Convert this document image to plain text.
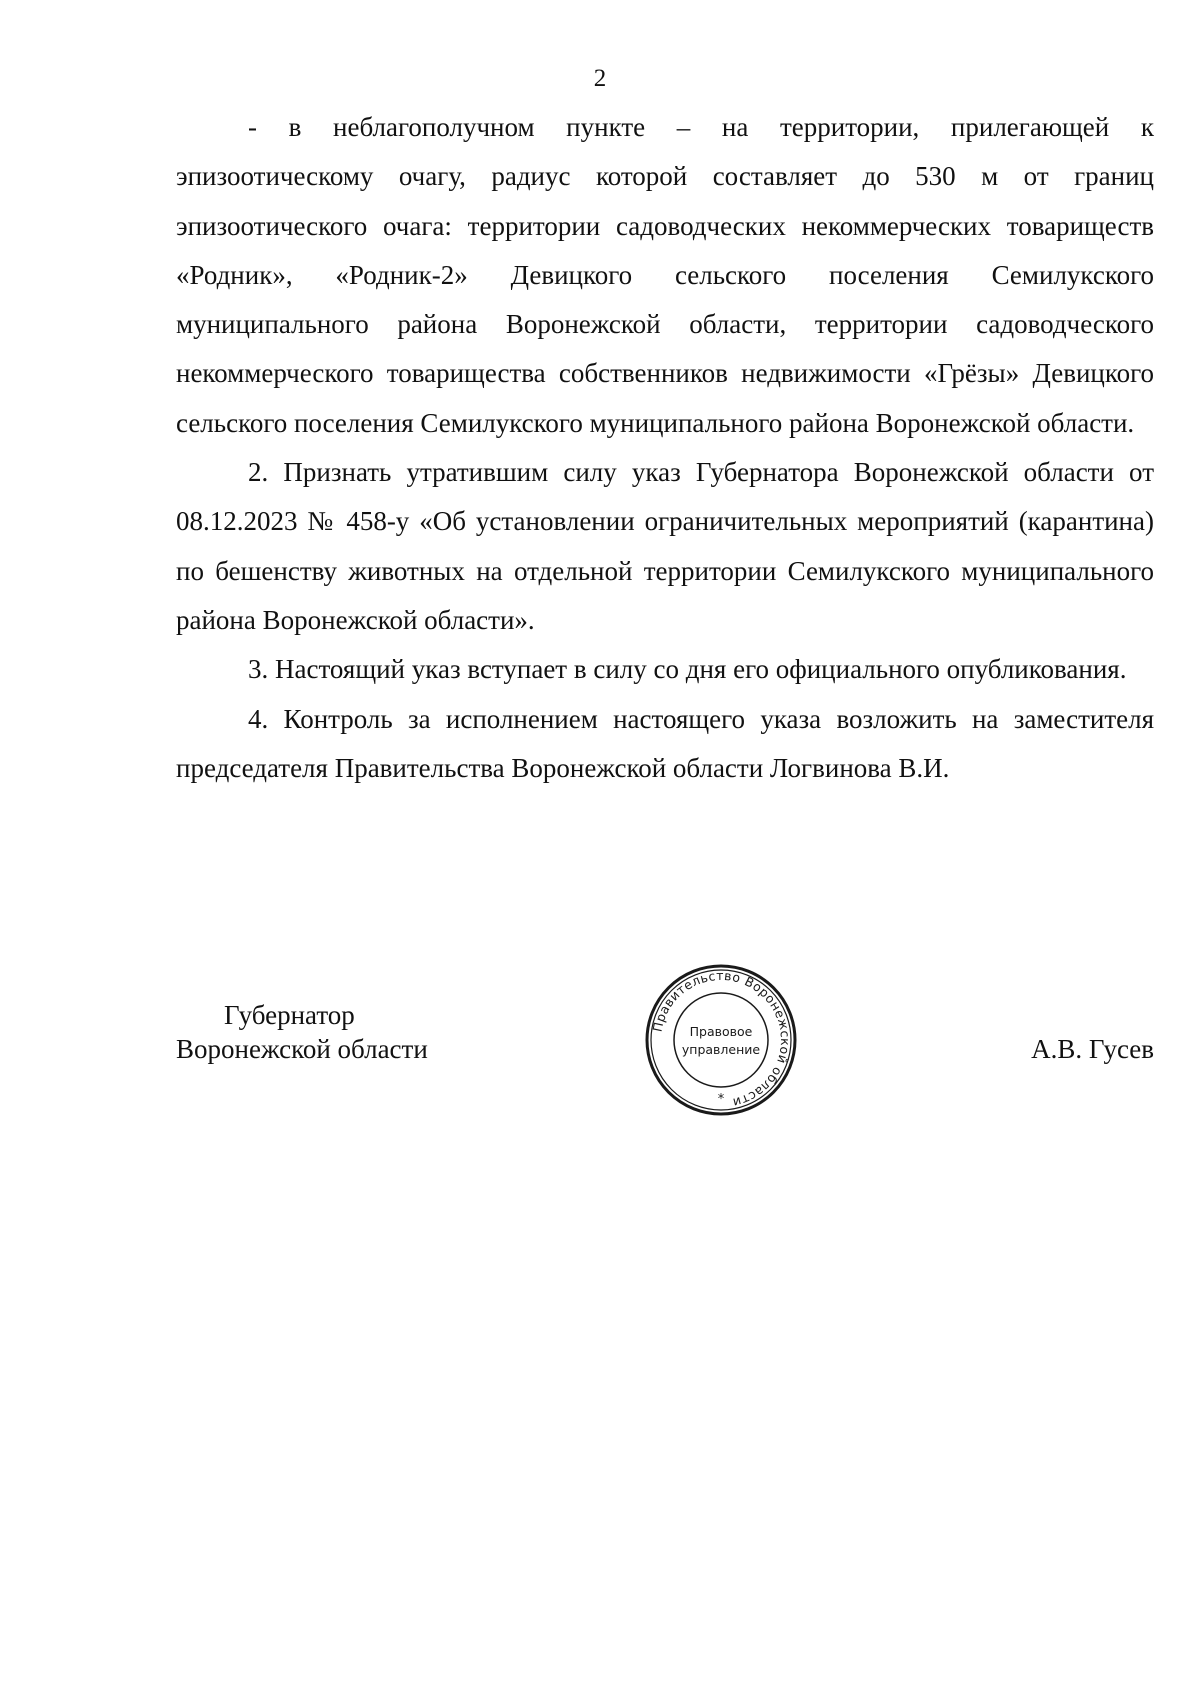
2

- в неблагополучном пункте – на территории, прилегающей к эпизоотическому очагу, радиус которой составляет до 530 м от границ эпизоотического очага: территории садоводческих некоммерческих товариществ «Родник», «Родник-2» Девицкого сельского поселения Семилукского муниципального района Воронежской области, территории садоводческого некоммерческого товарищества собственников недвижимости «Грёзы» Девицкого сельского поселения Семилукского муниципального района Воронежской области.

2. Признать утратившим силу указ Губернатора Воронежской области от 08.12.2023 № 458-у «Об установлении ограничительных мероприятий (карантина) по бешенству животных на отдельной территории Семилукского муниципального района Воронежской области».

3. Настоящий указ вступает в силу со дня его официального опубликования.

4. Контроль за исполнением настоящего указа возложить на заместителя председателя Правительства Воронежской области Логвинова В.И.

Губернатор
Воронежской области
Правительство Воронежской области
Правовое
управление
*
А.В. Гусев
